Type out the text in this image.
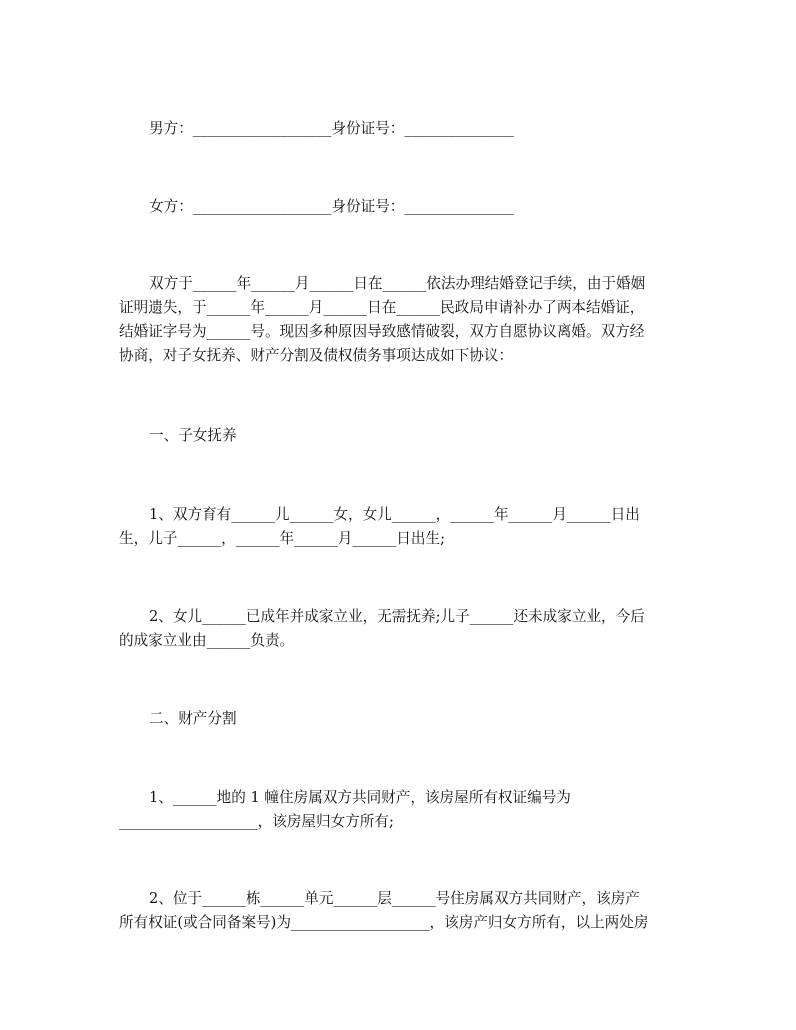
男方：___________________身份证号：_______________
女方：___________________身份证号：_______________
双方于______年______月______日在______依法办理结婚登记手续，由于婚姻
证明遗失，于______年______月______日在______民政局申请补办了两本结婚证，
结婚证字号为______号。现因多种原因导致感情破裂，双方自愿协议离婚。双方经
协商，对子女抚养、财产分割及债权债务事项达成如下协议：
一、子女抚养
1、双方育有______儿______女，女儿______，______年______月______日出
生，儿子______，______年______月______日出生;
2、女儿______已成年并成家立业，无需抚养;儿子______还未成家立业，今后
的成家立业由______负责。
二、财产分割
1、______地的 1 幢住房属双方共同财产，该房屋所有权证编号为
___________________，该房屋归女方所有;
2、位于______栋______单元______层______号住房属双方共同财产，该房产
所有权证(或合同备案号)为___________________，该房产归女方所有，以上两处房
